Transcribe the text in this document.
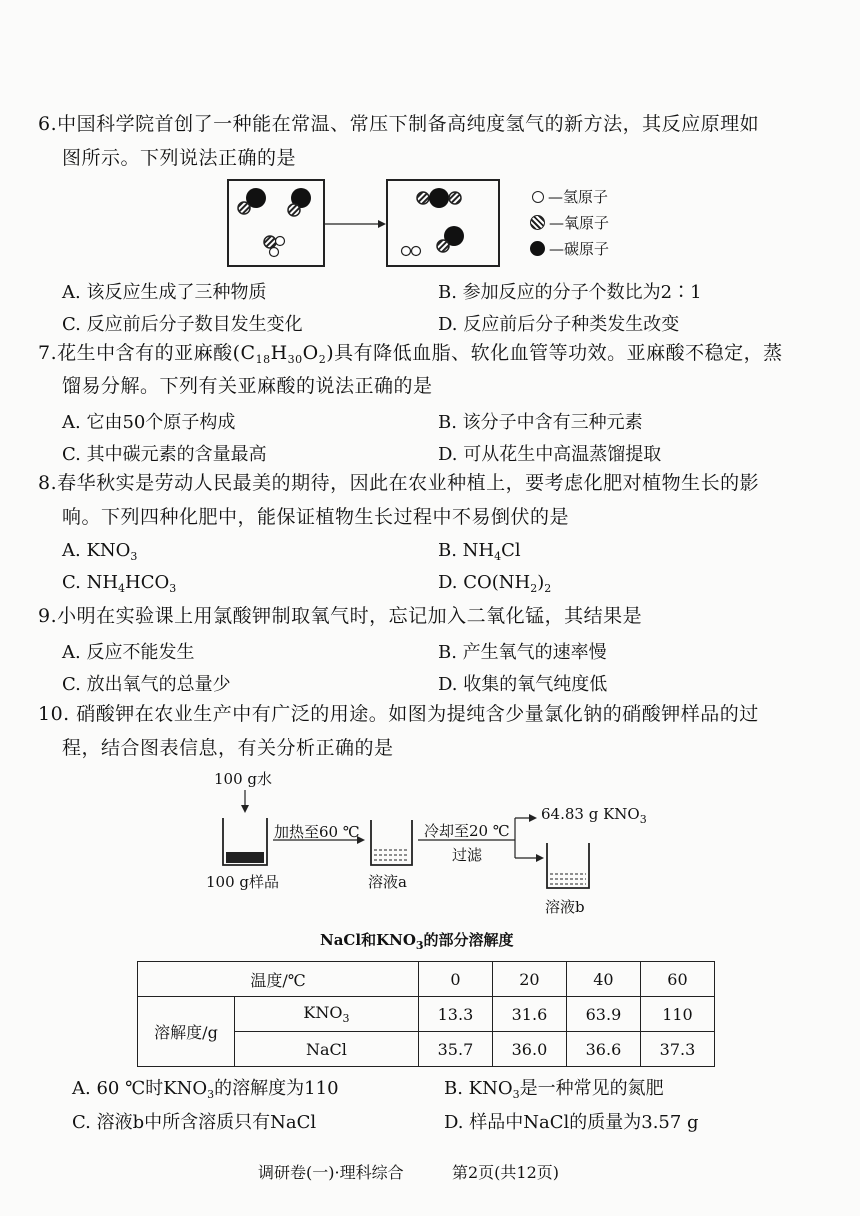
6.中国科学院首创了一种能在常温、常压下制备高纯度氢气的新方法，其反应原理如
图所示。下列说法正确的是
—氢原子
—氧原子
—碳原子
A. 该反应生成了三种物质	B. 参加反应的分子个数比为2∶1
C. 反应前后分子数目发生变化	D. 反应前后分子种类发生改变
7.花生中含有的亚麻酸$(C_{18}H_{30}O_2)$具有降低血脂、软化血管等功效。亚麻酸不稳定，蒸
馏易分解。下列有关亚麻酸的说法正确的是
A. 它由50个原子构成	B. 该分子中含有三种元素
C. 其中碳元素的含量最高	D. 可从花生中高温蒸馏提取
8.春华秋实是劳动人民最美的期待，因此在农业种植上，要考虑化肥对植物生长的影
响。下列四种化肥中，能保证植物生长过程中不易倒伏的是
A. $KNO_3$	B. $NH_4Cl$
C. $NH_4HCO_3$	D. $CO(NH_2)_2$
9.小明在实验课上用氯酸钾制取氧气时，忘记加入二氧化锰，其结果是
A. 反应不能发生	B. 产生氧气的速率慢
C. 放出氧气的总量少	D. 收集的氧气纯度低
10. 硝酸钾在农业生产中有广泛的用途。如图为提纯含少量氯化钠的硝酸钾样品的过
程，结合图表信息，有关分析正确的是
100 g水
加热至60 ℃
100 g样品	溶液a
冷却至20 ℃
过滤
64.83 g $KNO_3$
溶液b
NaCl和$KNO_3$的部分溶解度
温度/℃		0	20	40	60
溶解度/g	$KNO_3$	13.3	31.6	63.9	110
	NaCl	35.7	36.0	36.6	37.3
A. 60 ℃时$KNO_3$的溶解度为110	B. $KNO_3$是一种常见的氮肥
C. 溶液b中所含溶质只有NaCl	D. 样品中NaCl的质量为3.57 g
调研卷(一)·理科综合	第2页(共12页)
